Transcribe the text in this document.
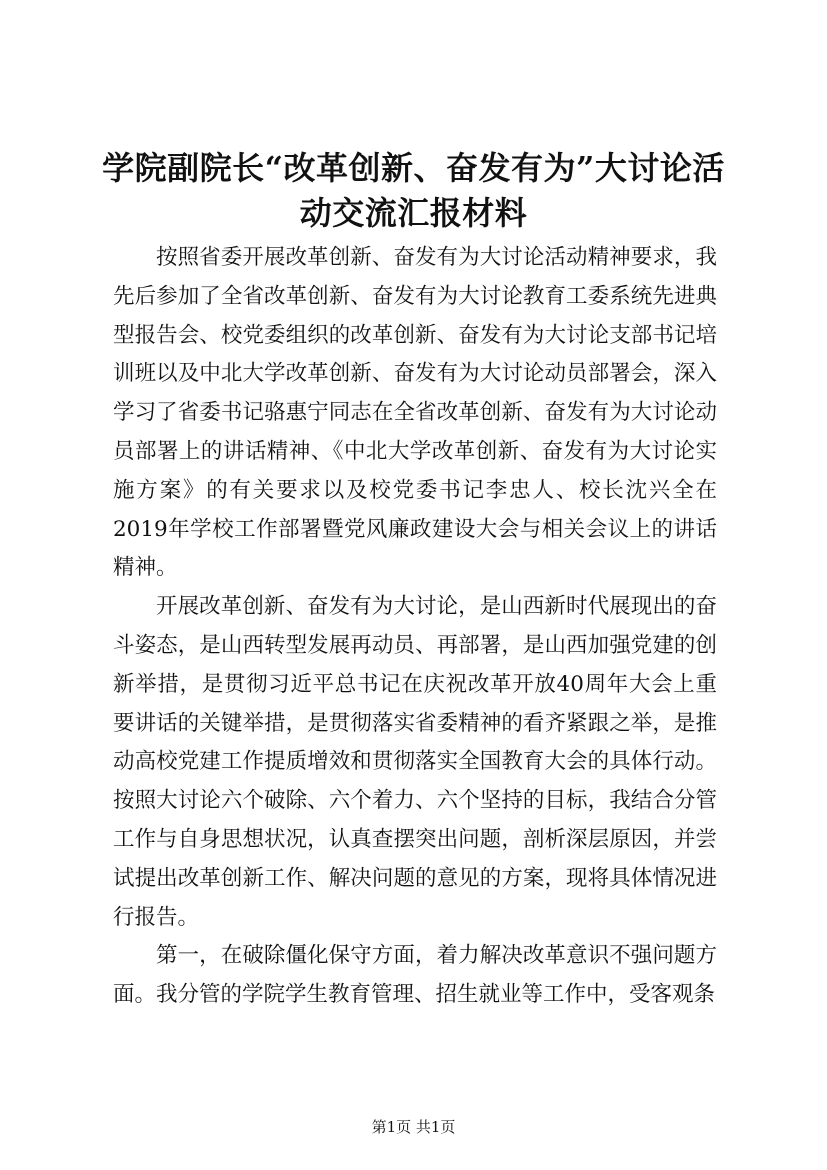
学院副院长“改革创新、奋发有为”大讨论活
动交流汇报材料

按照省委开展改革创新、奋发有为大讨论活动精神要求，我先后参加了全省改革创新、奋发有为大讨论教育工委系统先进典型报告会、校党委组织的改革创新、奋发有为大讨论支部书记培训班以及中北大学改革创新、奋发有为大讨论动员部署会，深入学习了省委书记骆惠宁同志在全省改革创新、奋发有为大讨论动员部署上的讲话精神、《中北大学改革创新、奋发有为大讨论实施方案》的有关要求以及校党委书记李忠人、校长沈兴全在2019年学校工作部署暨党风廉政建设大会与相关会议上的讲话精神。

开展改革创新、奋发有为大讨论，是山西新时代展现出的奋斗姿态，是山西转型发展再动员、再部署，是山西加强党建的创新举措，是贯彻习近平总书记在庆祝改革开放40周年大会上重要讲话的关键举措，是贯彻落实省委精神的看齐紧跟之举，是推动高校党建工作提质增效和贯彻落实全国教育大会的具体行动。按照大讨论六个破除、六个着力、六个坚持的目标，我结合分管工作与自身思想状况，认真查摆突出问题，剖析深层原因，并尝试提出改革创新工作、解决问题的意见的方案，现将具体情况进行报告。

第一，在破除僵化保守方面，着力解决改革意识不强问题方面。我分管的学院学生教育管理、招生就业等工作中，受客观条

第1页 共1页
